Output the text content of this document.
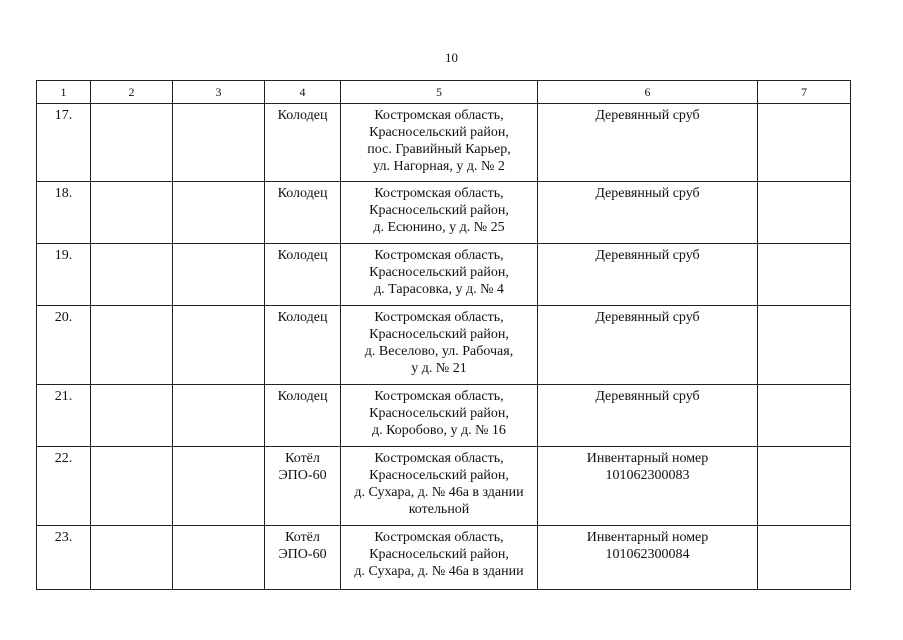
10
1	2	3	4	5	6	7
17.			Колодец	Костромская область,
Красносельский район,
пос. Гравийный Карьер,
ул. Нагорная, у д. № 2	Деревянный сруб	
18.			Колодец	Костромская область,
Красносельский район,
д. Есюнино, у д. № 25	Деревянный сруб	
19.			Колодец	Костромская область,
Красносельский район,
д. Тарасовка, у д. № 4	Деревянный сруб	
20.			Колодец	Костромская область,
Красносельский район,
д. Веселово, ул. Рабочая,
у д. № 21	Деревянный сруб	
21.			Колодец	Костромская область,
Красносельский район,
д. Коробово, у д. № 16	Деревянный сруб	
22.			Котёл
ЭПО-60	Костромская область,
Красносельский район,
д. Сухара, д. № 46а в здании
котельной	Инвентарный номер
101062300083	
23.			Котёл
ЭПО-60	Костромская область,
Красносельский район,
д. Сухара, д. № 46а в здании	Инвентарный номер
101062300084	
